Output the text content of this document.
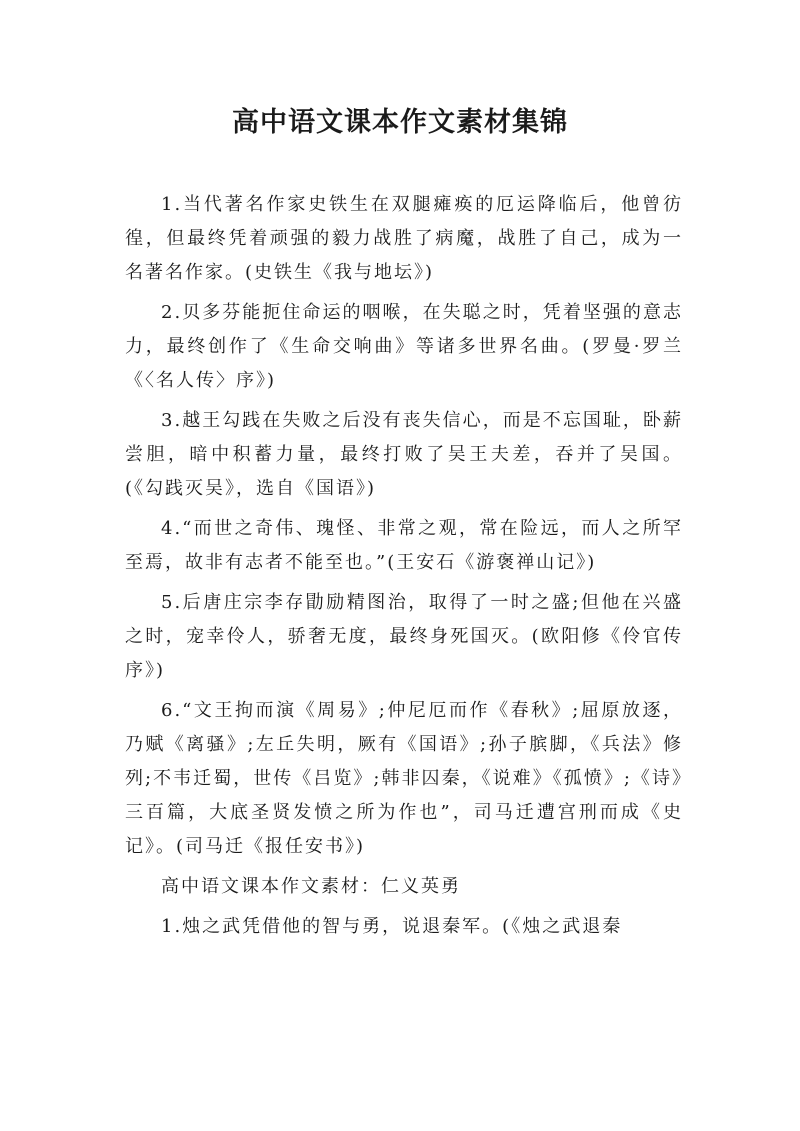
高中语文课本作文素材集锦

1.当代著名作家史铁生在双腿瘫痪的厄运降临后，他曾彷徨，但最终凭着顽强的毅力战胜了病魔，战胜了自己，成为一名著名作家。(史铁生《我与地坛》)

2.贝多芬能扼住命运的咽喉，在失聪之时，凭着坚强的意志力，最终创作了《生命交响曲》等诸多世界名曲。(罗曼·罗兰《〈名人传〉序》)

3.越王勾践在失败之后没有丧失信心，而是不忘国耻，卧薪尝胆，暗中积蓄力量，最终打败了吴王夫差，吞并了吴国。(《勾践灭吴》，选自《国语》)

4.“而世之奇伟、瑰怪、非常之观，常在险远，而人之所罕至焉，故非有志者不能至也。”(王安石《游褒禅山记》)

5.后唐庄宗李存勖励精图治，取得了一时之盛;但他在兴盛之时，宠幸伶人，骄奢无度，最终身死国灭。(欧阳修《伶官传序》)

6.“文王拘而演《周易》;仲尼厄而作《春秋》;屈原放逐，乃赋《离骚》;左丘失明，厥有《国语》;孙子膑脚，《兵法》修列;不韦迁蜀，世传《吕览》;韩非囚秦，《说难》《孤愤》;《诗》三百篇，大底圣贤发愤之所为作也”，司马迁遭宫刑而成《史记》。(司马迁《报任安书》)

高中语文课本作文素材：仁义英勇

1.烛之武凭借他的智与勇，说退秦军。(《烛之武退秦
